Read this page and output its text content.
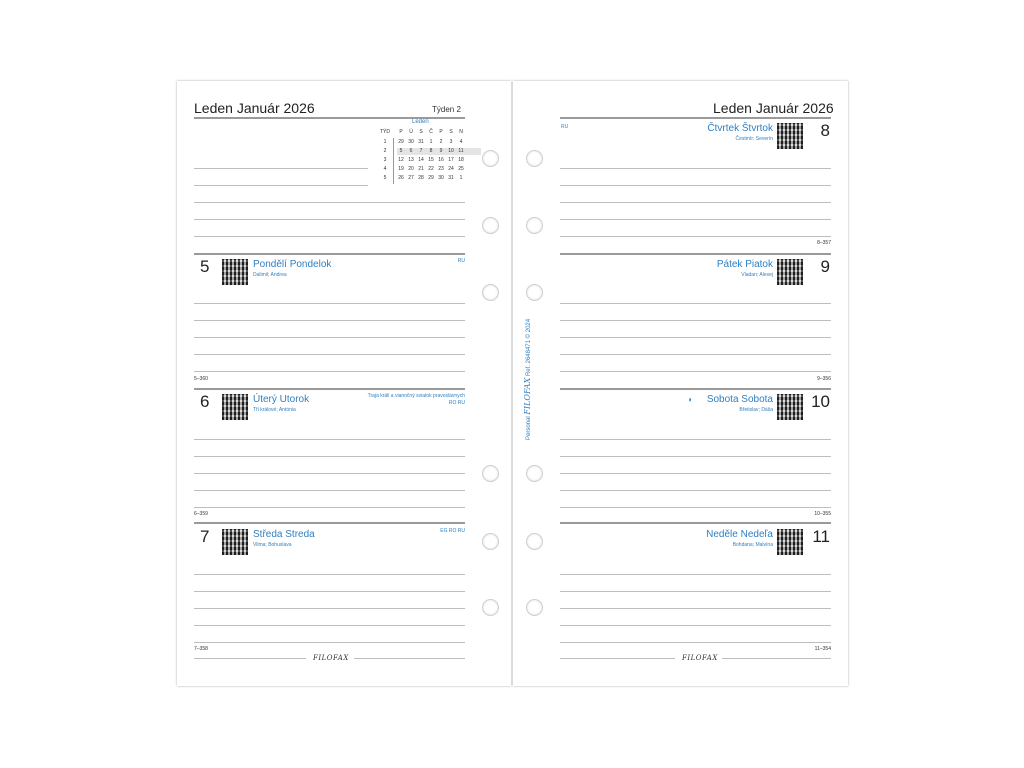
Leden Január 2026	Týden 2	Leden Január 2026
Leden
TÝD	P	Ú	S	Č	P	S	N
1	29 30 31	1	2	3	4
2	5	6	7	8	9	10 11
3	12 13 14 15 16 17 18
4	19 20 21 22 23 24 25
5	26 27 28 29 30 31	1
5	Pondělí Pondelok
Dalimil; Andrea
RU
5–360
6	Úterý Utorok
Tři králové; Antónia
Traja králi a vianočný sviatok pravoslávnych
RO RU
6–359
7	Středa Streda
Vilma; Bohuslava
EG RO RU
7–358
8
Čtvrtek Štvrtok
Čestmír; Severín
RU
8–357
9
Pátek Piatok
Vladan; Alexej
9–356
10
Sobota Sobota
Břetislav; Dáša
◑
10–355
11
Neděle Nedeľa
Bohdana; Malvína
11–354
FILOFAX	FILOFAX
Personal FILOFAX Ref. 2648471 © 2024
